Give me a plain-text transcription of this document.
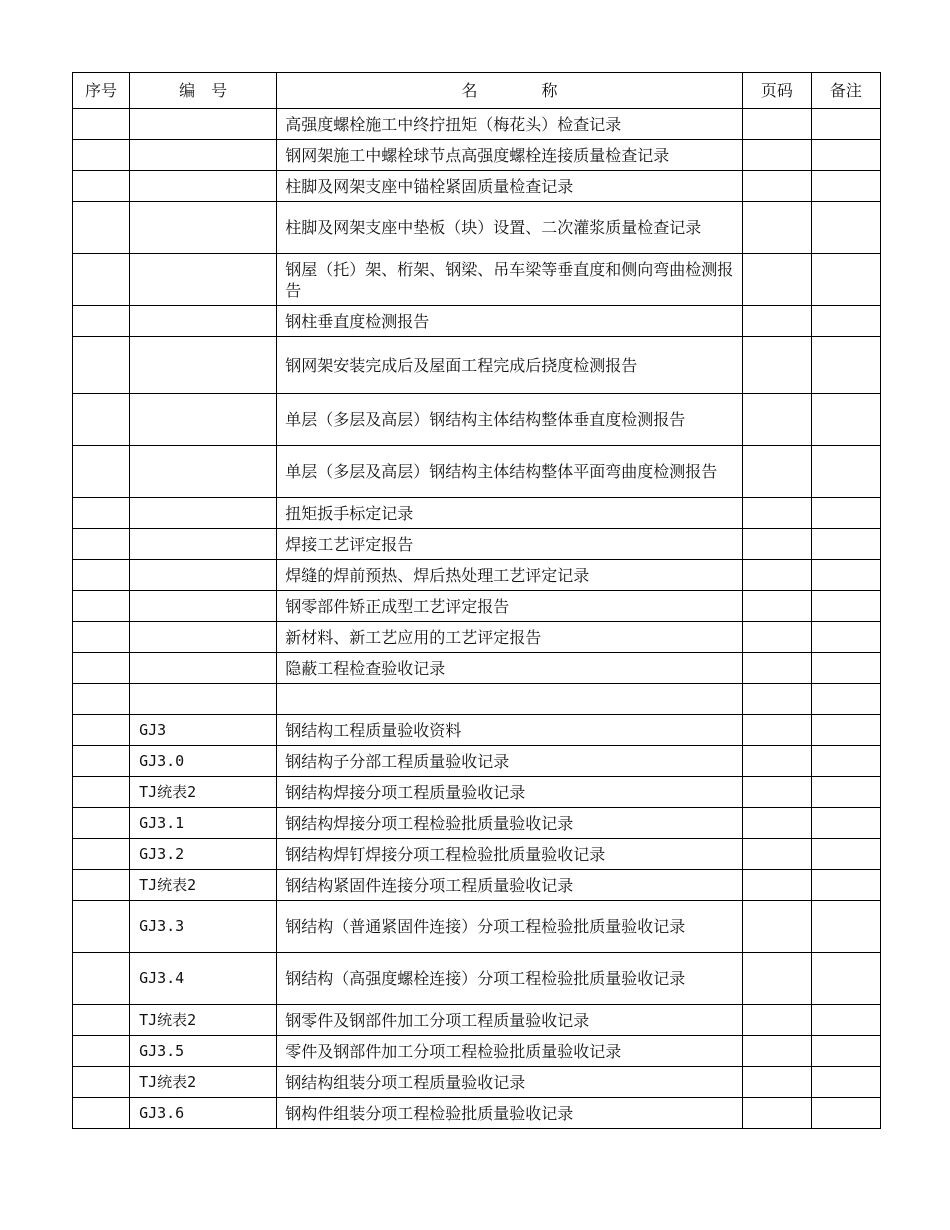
序号	编　号	名　　　　称	页码	备注
		高强度螺栓施工中终拧扭矩（梅花头）检查记录		
		钢网架施工中螺栓球节点高强度螺栓连接质量检查记录		
		柱脚及网架支座中锚栓紧固质量检查记录		
		柱脚及网架支座中垫板（块）设置、二次灌浆质量检查记录		
		钢屋（托）架、桁架、钢梁、吊车梁等垂直度和侧向弯曲检测报告		
		钢柱垂直度检测报告		
		钢网架安装完成后及屋面工程完成后挠度检测报告		
		单层（多层及高层）钢结构主体结构整体垂直度检测报告		
		单层（多层及高层）钢结构主体结构整体平面弯曲度检测报告		
		扭矩扳手标定记录		
		焊接工艺评定报告		
		焊缝的焊前预热、焊后热处理工艺评定记录		
		钢零部件矫正成型工艺评定报告		
		新材料、新工艺应用的工艺评定报告		
		隐蔽工程检查验收记录		

	GJ3	钢结构工程质量验收资料		
	GJ3.0	钢结构子分部工程质量验收记录		
	TJ统表2	钢结构焊接分项工程质量验收记录		
	GJ3.1	钢结构焊接分项工程检验批质量验收记录		
	GJ3.2	钢结构焊钉焊接分项工程检验批质量验收记录		
	TJ统表2	钢结构紧固件连接分项工程质量验收记录		
	GJ3.3	钢结构（普通紧固件连接）分项工程检验批质量验收记录		
	GJ3.4	钢结构（高强度螺栓连接）分项工程检验批质量验收记录		
	TJ统表2	钢零件及钢部件加工分项工程质量验收记录		
	GJ3.5	零件及钢部件加工分项工程检验批质量验收记录		
	TJ统表2	钢结构组装分项工程质量验收记录		
	GJ3.6	钢构件组装分项工程检验批质量验收记录		
